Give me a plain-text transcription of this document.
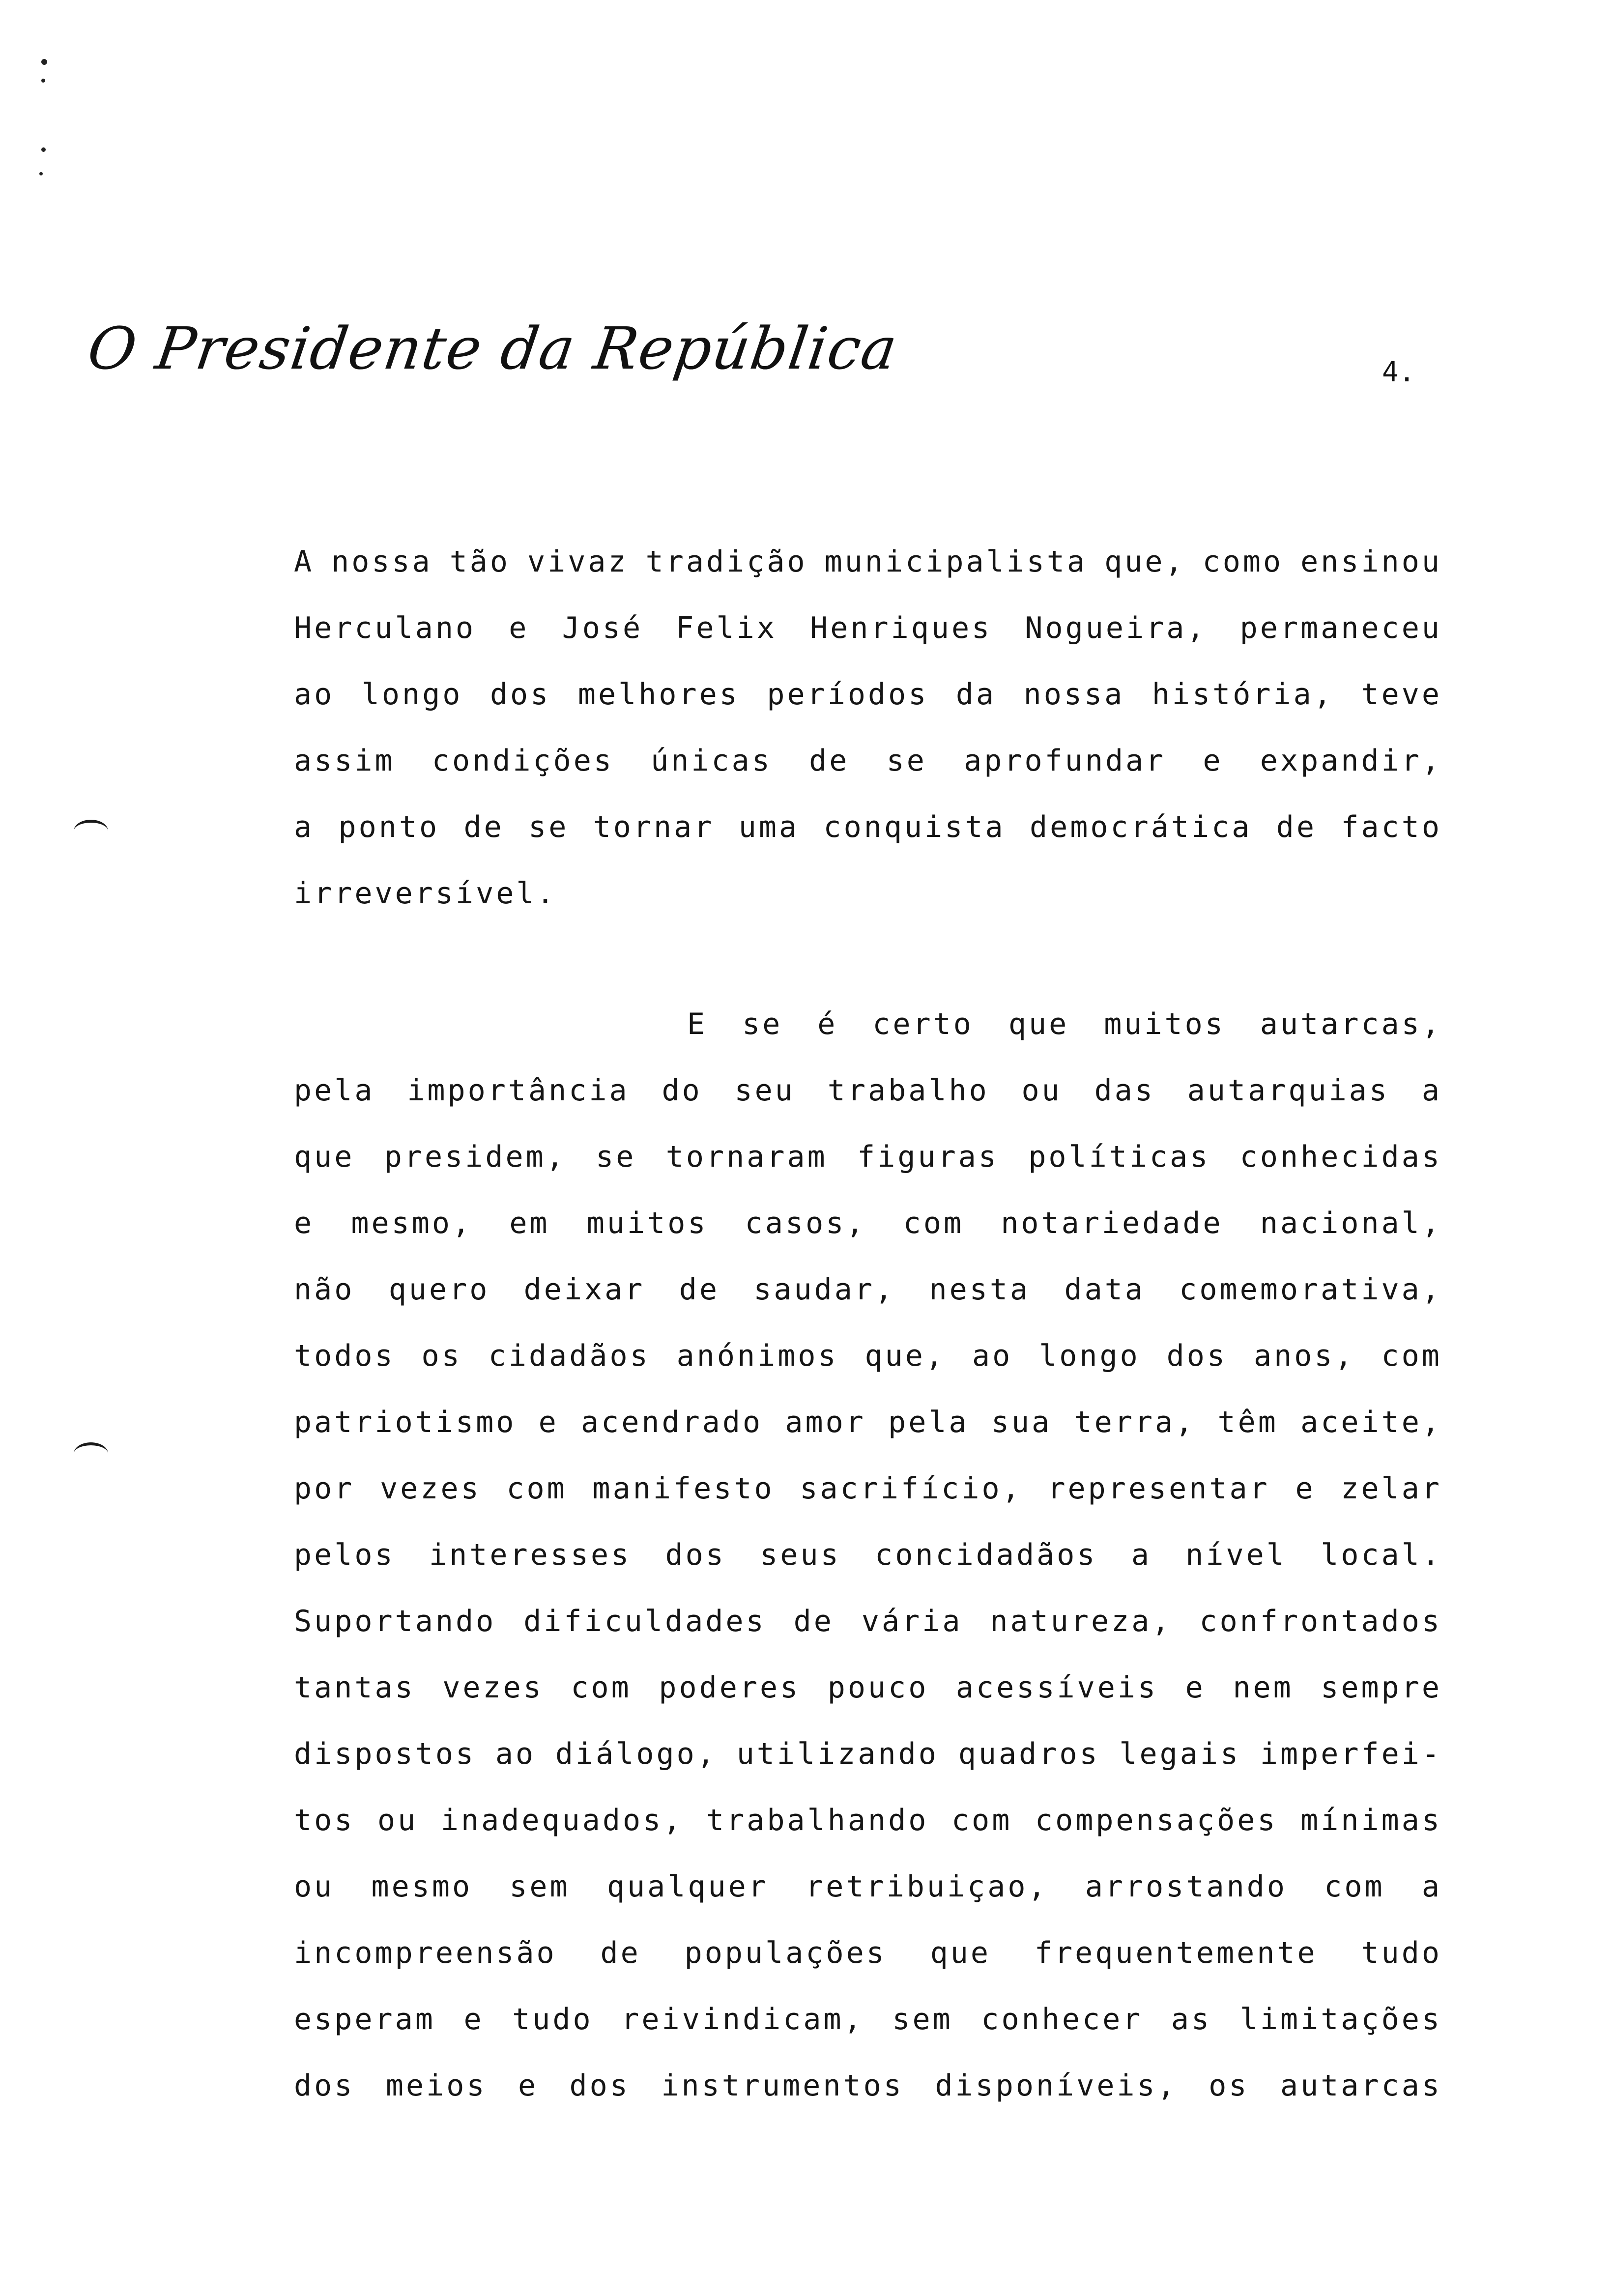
O Presidente da República	4.
A nossa tão vivaz tradição municipalista que, como ensinou
Herculano e José Felix Henriques Nogueira, permaneceu
ao longo dos melhores períodos da nossa história, teve
assim condições únicas de se aprofundar e expandir,
a ponto de se tornar uma conquista democrática de facto
irreversível.
E se é certo que muitos autarcas,
pela importância do seu trabalho ou das autarquias a
que presidem, se tornaram figuras políticas conhecidas
e mesmo, em muitos casos, com notariedade nacional,
não quero deixar de saudar, nesta data comemorativa,
todos os cidadãos anónimos que, ao longo dos anos, com
patriotismo e acendrado amor pela sua terra, têm aceite,
por vezes com manifesto sacrifício, representar e zelar
pelos interesses dos seus concidadãos a nível local.
Suportando dificuldades de vária natureza, confrontados
tantas vezes com poderes pouco acessíveis e nem sempre
dispostos ao diálogo, utilizando quadros legais imperfei-
tos ou inadequados, trabalhando com compensações mínimas
ou mesmo sem qualquer retribuiçao, arrostando com a
incompreensão de populações que frequentemente tudo
esperam e tudo reivindicam, sem conhecer as limitações
dos meios e dos instrumentos disponíveis, os autarcas
